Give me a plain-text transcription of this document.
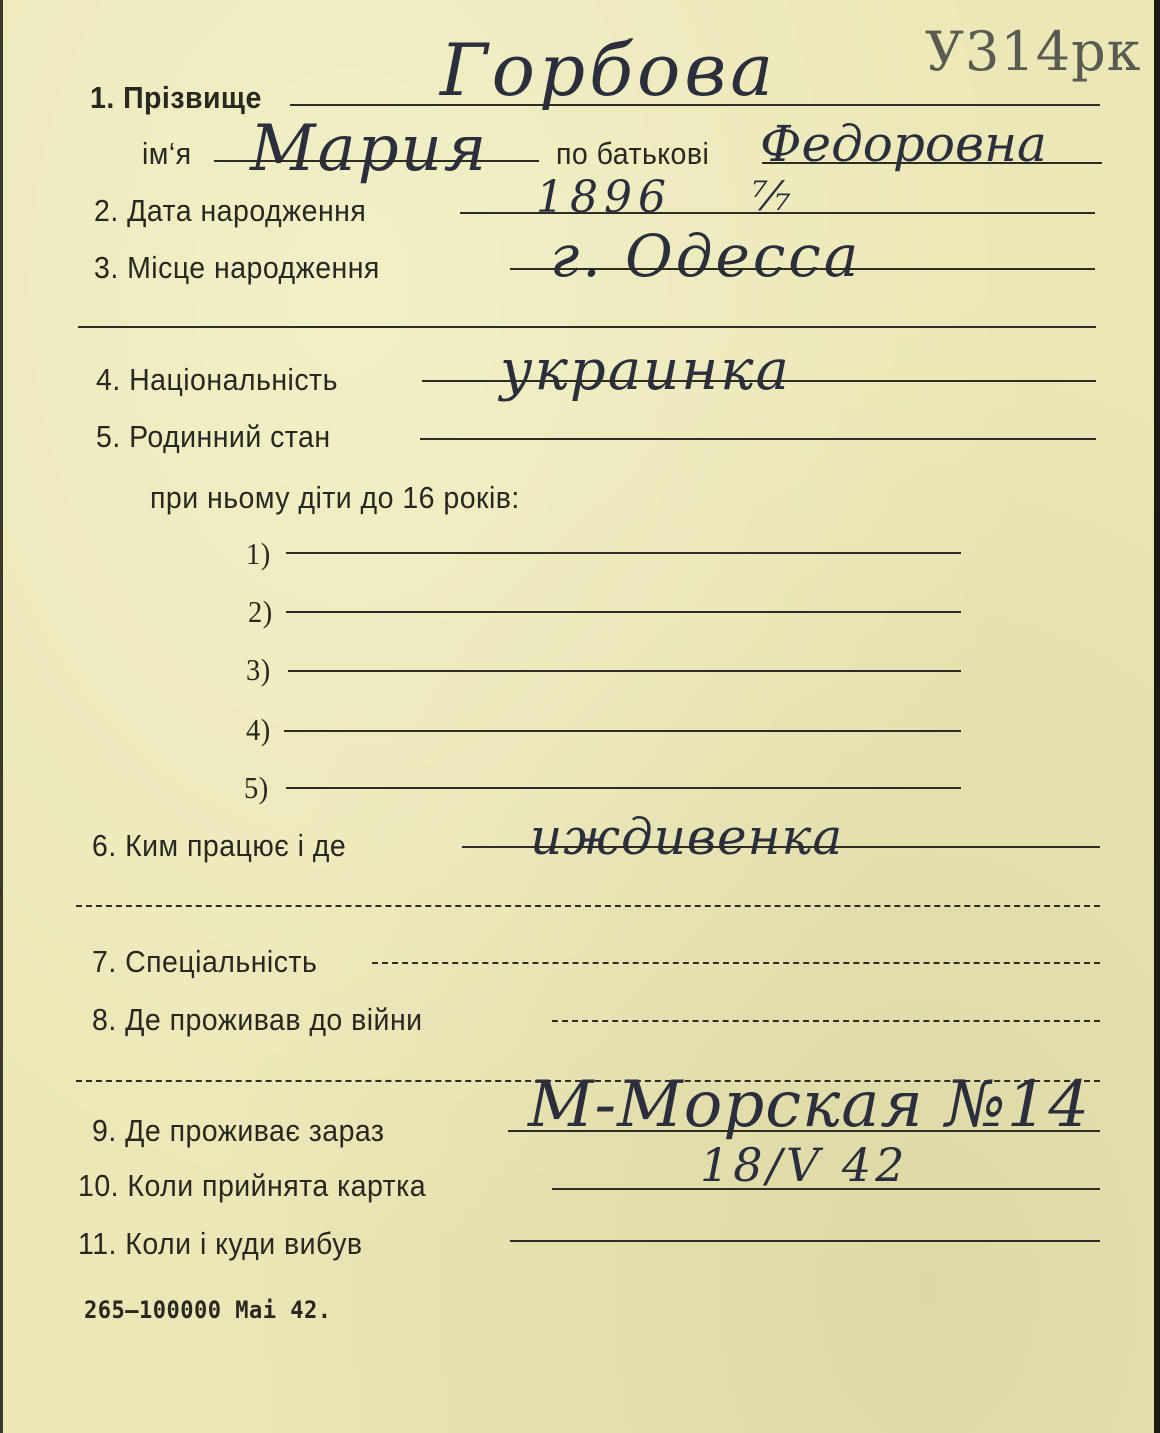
У314рк
1. Прізвище Горбова
ім‘я Мария по батькові Федоровна
2. Дата народження	1896 ⁷⁄₇
3. Місце народження	г. Одесса
4. Національність	украинка
5. Родинний стан
при ньому діти до 16 років:
1)
2)
3)
4)
5)
6. Ким працює і де	иждивенка
7. Спеціальність
8. Де проживав до війни
9. Де проживає зараз М-Морская №14
10. Коли прийнята картка	18/V 42
11. Коли і куди вибув
265–100000 Mai 42.
